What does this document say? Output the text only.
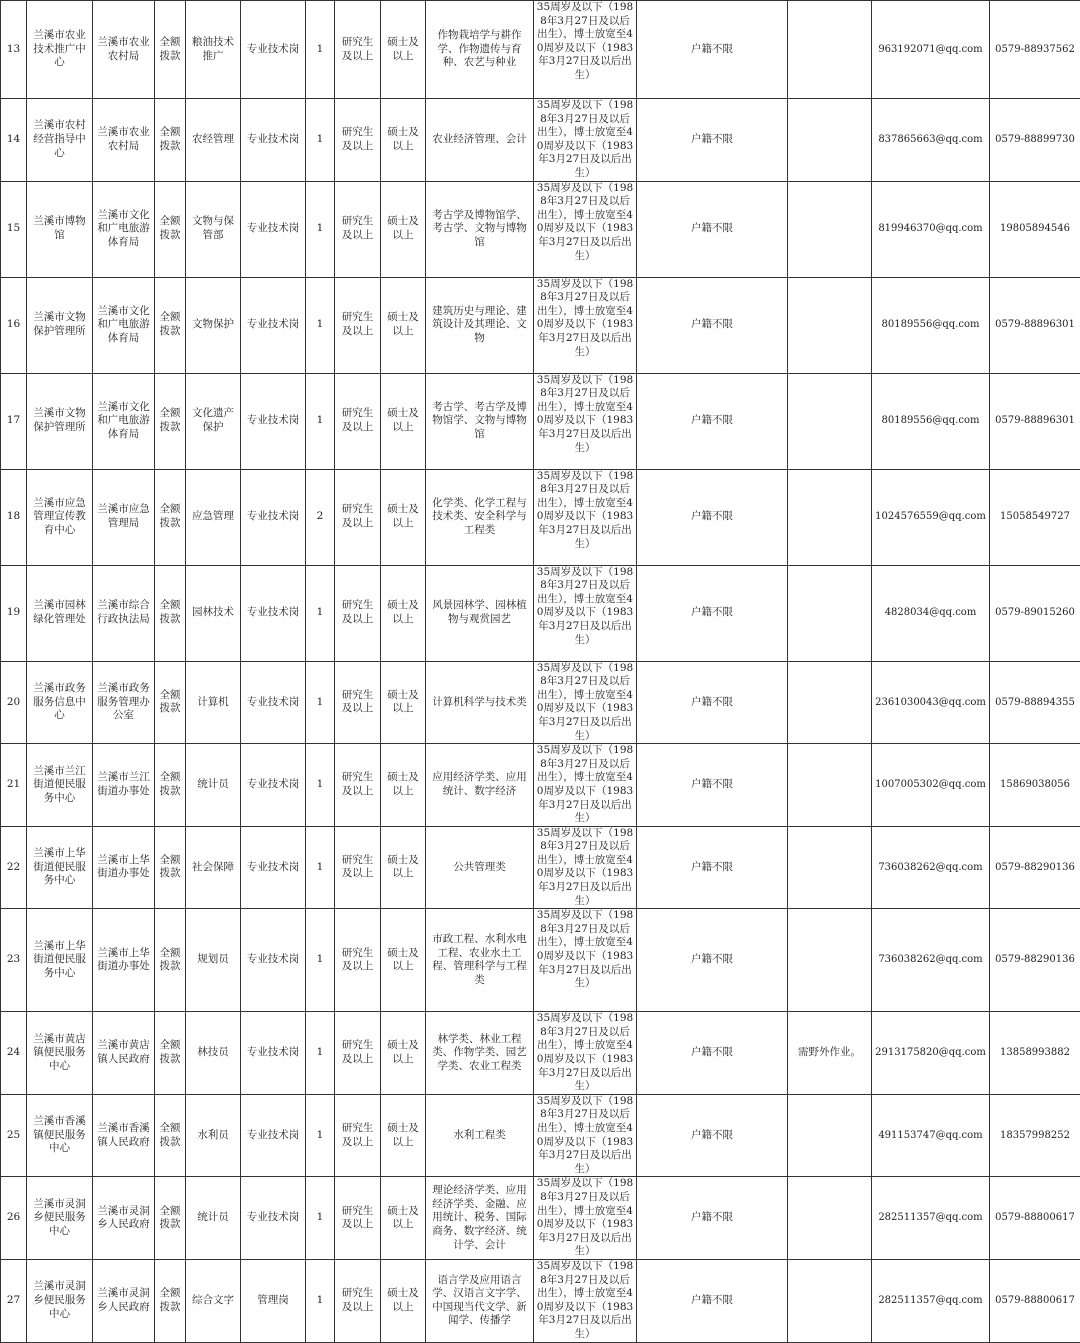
13	兰溪市农业技术推广中心	兰溪市农业农村局	全额拨款	粮油技术推广	专业技术岗	1	研究生及以上	硕士及以上	作物栽培学与耕作学、作物遗传与育种、农艺与种业	35周岁及以下（1988年3月27日及以后出生），博士放宽至40周岁及以下（1983年3月27日及以后出生）	户籍不限		963192071@qq.com	0579-88937562
14	兰溪市农村经营指导中心	兰溪市农业农村局	全额拨款	农经管理	专业技术岗	1	研究生及以上	硕士及以上	农业经济管理、会计	35周岁及以下（1988年3月27日及以后出生），博士放宽至40周岁及以下（1983年3月27日及以后出生）	户籍不限		837865663@qq.com	0579-88899730
15	兰溪市博物馆	兰溪市文化和广电旅游体育局	全额拨款	文物与保管部	专业技术岗	1	研究生及以上	硕士及以上	考古学及博物馆学、考古学、文物与博物馆	35周岁及以下（1988年3月27日及以后出生），博士放宽至40周岁及以下（1983年3月27日及以后出生）	户籍不限		819946370@qq.com	19805894546
16	兰溪市文物保护管理所	兰溪市文化和广电旅游体育局	全额拨款	文物保护	专业技术岗	1	研究生及以上	硕士及以上	建筑历史与理论、建筑设计及其理论、文物	35周岁及以下（1988年3月27日及以后出生），博士放宽至40周岁及以下（1983年3月27日及以后出生）	户籍不限		80189556@qq.com	0579-88896301
17	兰溪市文物保护管理所	兰溪市文化和广电旅游体育局	全额拨款	文化遗产保护	专业技术岗	1	研究生及以上	硕士及以上	考古学、考古学及博物馆学、文物与博物馆	35周岁及以下（1988年3月27日及以后出生），博士放宽至40周岁及以下（1983年3月27日及以后出生）	户籍不限		80189556@qq.com	0579-88896301
18	兰溪市应急管理宣传教育中心	兰溪市应急管理局	全额拨款	应急管理	专业技术岗	2	研究生及以上	硕士及以上	化学类、化学工程与技术类、安全科学与工程类	35周岁及以下（1988年3月27日及以后出生），博士放宽至40周岁及以下（1983年3月27日及以后出生）	户籍不限		1024576559@qq.com	15058549727
19	兰溪市园林绿化管理处	兰溪市综合行政执法局	全额拨款	园林技术	专业技术岗	1	研究生及以上	硕士及以上	风景园林学、园林植物与观赏园艺	35周岁及以下（1988年3月27日及以后出生），博士放宽至40周岁及以下（1983年3月27日及以后出生）	户籍不限		4828034@qq.com	0579-89015260
20	兰溪市政务服务信息中心	兰溪市政务服务管理办公室	全额拨款	计算机	专业技术岗	1	研究生及以上	硕士及以上	计算机科学与技术类	35周岁及以下（1988年3月27日及以后出生），博士放宽至40周岁及以下（1983年3月27日及以后出生）	户籍不限		2361030043@qq.com	0579-88894355
21	兰溪市兰江街道便民服务中心	兰溪市兰江街道办事处	全额拨款	统计员	专业技术岗	1	研究生及以上	硕士及以上	应用经济学类、应用统计、数字经济	35周岁及以下（1988年3月27日及以后出生），博士放宽至40周岁及以下（1983年3月27日及以后出生）	户籍不限		1007005302@qq.com	15869038056
22	兰溪市上华街道便民服务中心	兰溪市上华街道办事处	全额拨款	社会保障	专业技术岗	1	研究生及以上	硕士及以上	公共管理类	35周岁及以下（1988年3月27日及以后出生），博士放宽至40周岁及以下（1983年3月27日及以后出生）	户籍不限		736038262@qq.com	0579-88290136
23	兰溪市上华街道便民服务中心	兰溪市上华街道办事处	全额拨款	规划员	专业技术岗	1	研究生及以上	硕士及以上	市政工程、水利水电工程、农业水土工程、管理科学与工程类	35周岁及以下（1988年3月27日及以后出生），博士放宽至40周岁及以下（1983年3月27日及以后出生）	户籍不限		736038262@qq.com	0579-88290136
24	兰溪市黄店镇便民服务中心	兰溪市黄店镇人民政府	全额拨款	林技员	专业技术岗	1	研究生及以上	硕士及以上	林学类、林业工程类、作物学类、园艺学类、农业工程类	35周岁及以下（1988年3月27日及以后出生），博士放宽至40周岁及以下（1983年3月27日及以后出生）	户籍不限	需野外作业。	2913175820@qq.com	13858993882
25	兰溪市香溪镇便民服务中心	兰溪市香溪镇人民政府	全额拨款	水利员	专业技术岗	1	研究生及以上	硕士及以上	水利工程类	35周岁及以下（1988年3月27日及以后出生），博士放宽至40周岁及以下（1983年3月27日及以后出生）	户籍不限		491153747@qq.com	18357998252
26	兰溪市灵洞乡便民服务中心	兰溪市灵洞乡人民政府	全额拨款	统计员	专业技术岗	1	研究生及以上	硕士及以上	理论经济学类、应用经济学类、金融、应用统计、税务、国际商务、数字经济、统计学、会计	35周岁及以下（1988年3月27日及以后出生），博士放宽至40周岁及以下（1983年3月27日及以后出生）	户籍不限		282511357@qq.com	0579-88800617
27	兰溪市灵洞乡便民服务中心	兰溪市灵洞乡人民政府	全额拨款	综合文字	管理岗	1	研究生及以上	硕士及以上	语言学及应用语言学、汉语言文字学、中国现当代文学、新闻学、传播学	35周岁及以下（1988年3月27日及以后出生），博士放宽至40周岁及以下（1983年3月27日及以后出生）	户籍不限		282511357@qq.com	0579-88800617
